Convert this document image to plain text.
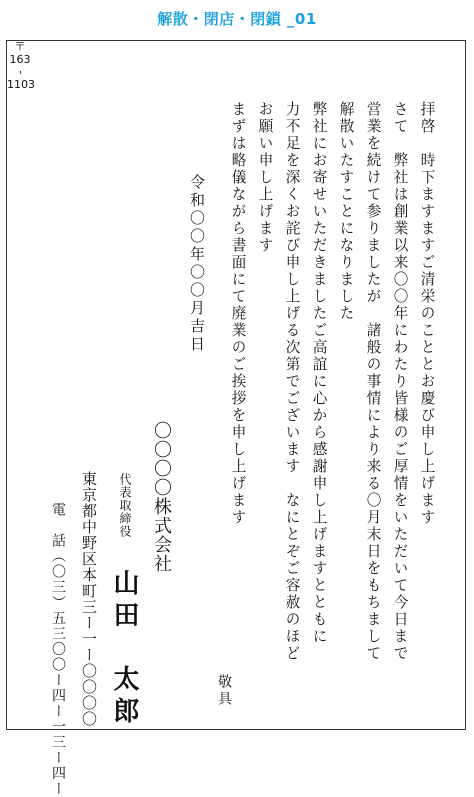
解散・閉店・閉鎖 _01
拝啓　時下ますますご清栄のこととお慶び申し上げます
さて　弊社は創業以来〇〇年にわたり皆様のご厚情をいただいて今日まで
営業を続けて参りましたが　諸般の事情により来る〇月末日をもちまして
解散いたすことになりました
弊社にお寄せいただきましたご高誼に心から感謝申し上げますとともに
力不足を深くお詫び申し上げる次第でございます　なにとぞご容赦のほど
お願い申し上げます
まずは略儀ながら書面にて廃業のご挨拶を申し上げます
敬具
令和〇〇年〇〇月吉日
〒
163
-
1103
東京都中野区本町三ー一ー〇〇〇〇
電　話（〇三）五三〇〇ー四ー一三ー四ー
〇〇〇〇株式会社
代表取締役
山田　太郎
